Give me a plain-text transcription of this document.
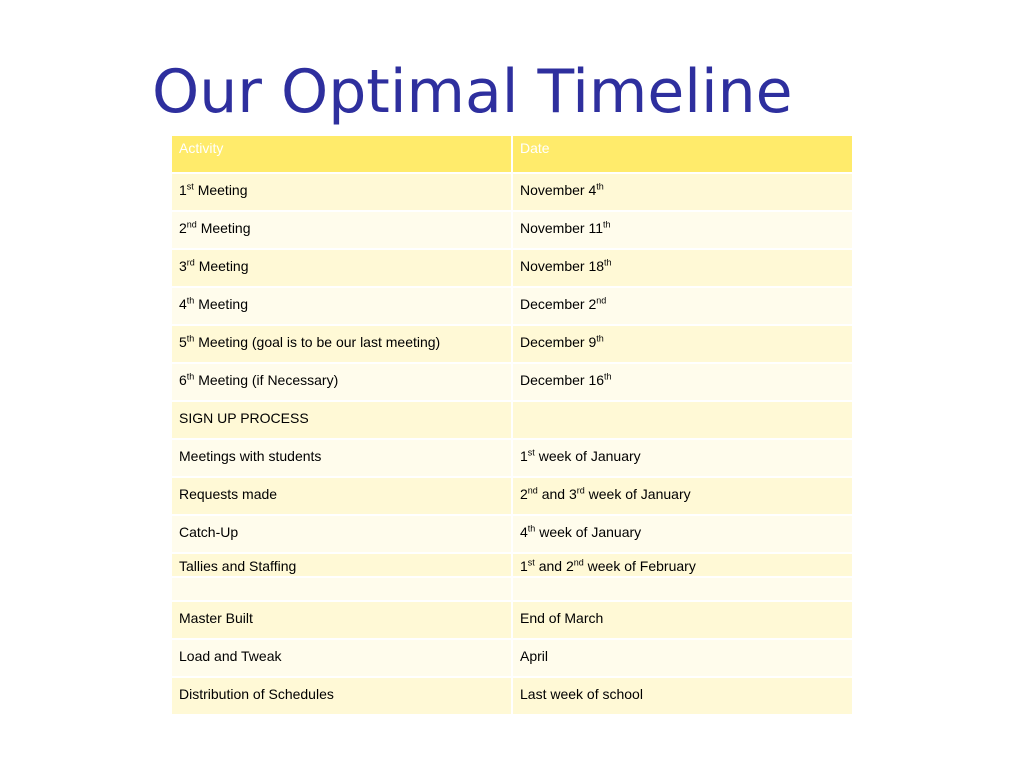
Our Optimal Timeline
Activity	Date
1st Meeting	November 4th
2nd Meeting	November 11th
3rd Meeting	November 18th
4th Meeting	December 2nd
5th Meeting (goal is to be our last meeting)	December 9th
6th Meeting (if Necessary)	December 16th
SIGN UP PROCESS	
Meetings with students	1st week of January
Requests made	2nd and 3rd week of January
Catch-Up	4th week of January
Tallies and Staffing	1st and 2nd week of February

Master Built	End of March
Load and Tweak	April
Distribution of Schedules	Last week of school
